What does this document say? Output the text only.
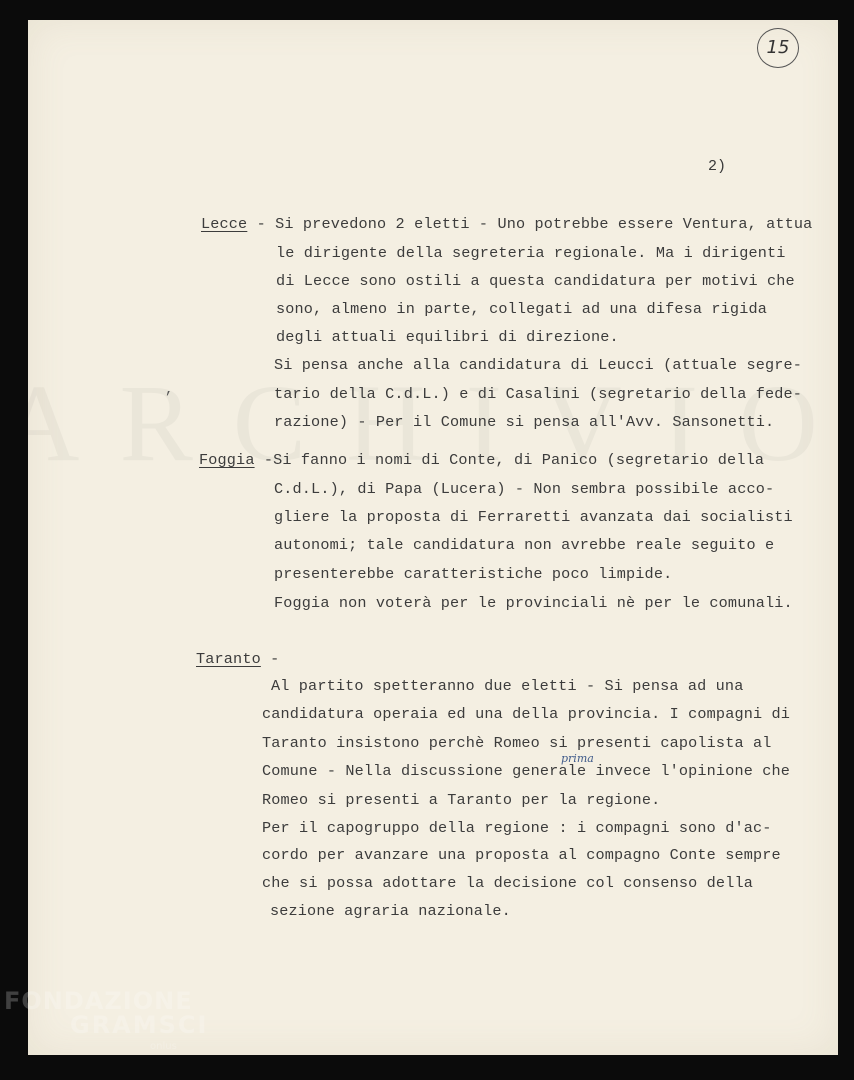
15
2)
Lecce - Si prevedono 2 eletti - Uno potrebbe essere Ventura, attua
le dirigente della segreteria regionale. Ma i dirigenti
di Lecce sono ostili a questa candidatura per motivi che
sono, almeno in parte, collegati ad una difesa rigida
degli attuali equilibri di direzione.
Si pensa anche alla candidatura di Leucci (attuale segre-
tario della C.d.L.) e di Casalini (segretario della fede-
razione) - Per il Comune si pensa all'Avv. Sansonetti.
Foggia -Si fanno i nomi di Conte, di Panico (segretario della
C.d.L.), di Papa (Lucera) - Non sembra possibile acco-
gliere la proposta di Ferraretti avanzata dai socialisti
autonomi; tale candidatura non avrebbe reale seguito e
presenterebbe caratteristiche poco limpide.
Foggia non voterà per le provinciali nè per le comunali.
Taranto -
Al partito spetteranno due eletti - Si pensa ad una
candidatura operaia ed una della provincia. I compagni di
Taranto insistono perchè Romeo si presenti capolista al
Comune - Nella discussione generale invece l'opinione che
Romeo si presenti a Taranto per la regione.
Per il capogruppo della regione : i compagni sono d'ac-
cordo per avanzare una proposta al compagno Conte sempre
che si possa adottare la decisione col consenso della
sezione agraria nazionale.
prima
,
FONDAZIONE
GRAMSCI
onlus
